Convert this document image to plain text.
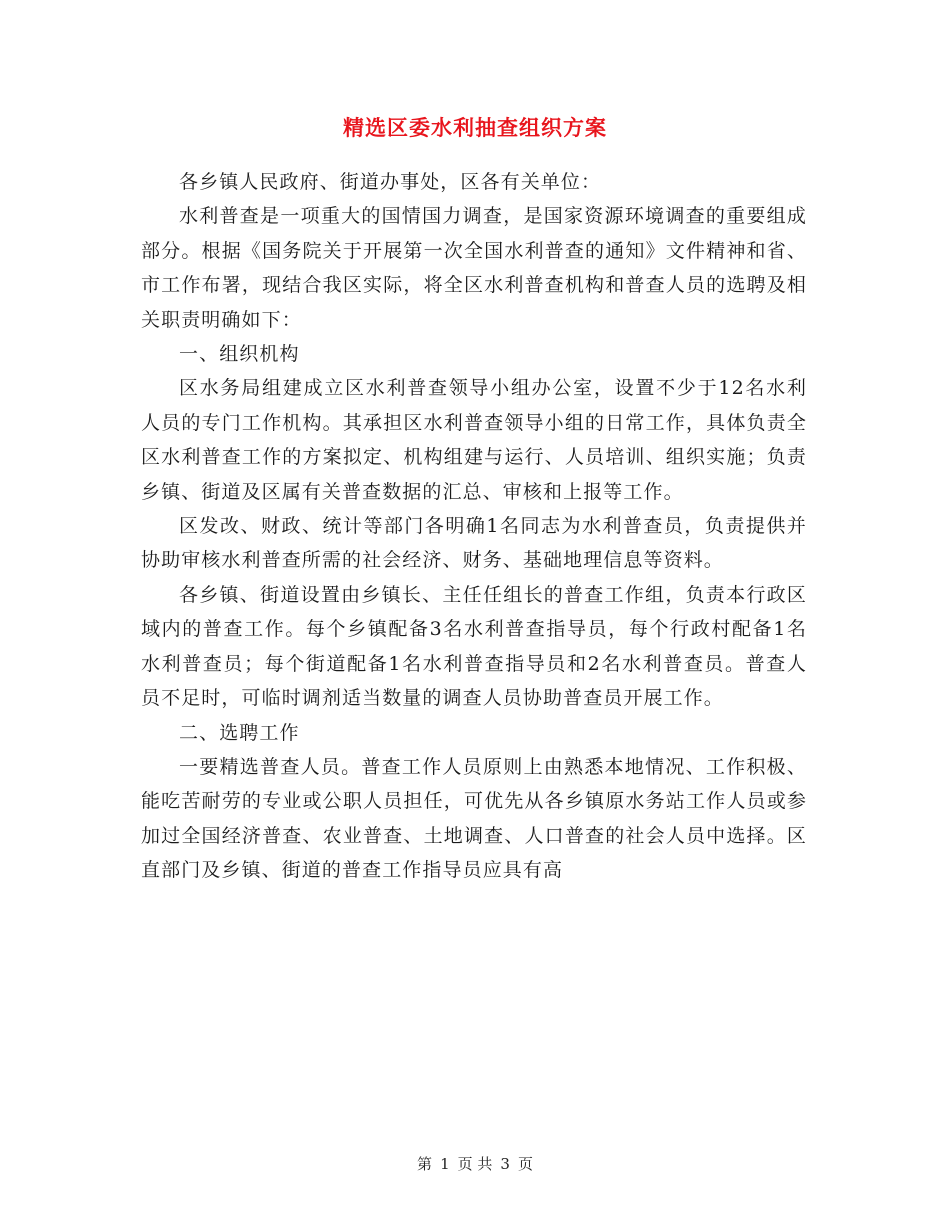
精选区委水利抽查组织方案

各乡镇人民政府、街道办事处，区各有关单位：

水利普查是一项重大的国情国力调查，是国家资源环境调查的重要组成部分。根据《国务院关于开展第一次全国水利普查的通知》文件精神和省、市工作布署，现结合我区实际，将全区水利普查机构和普查人员的选聘及相关职责明确如下：

一、组织机构

区水务局组建成立区水利普查领导小组办公室，设置不少于12名水利人员的专门工作机构。其承担区水利普查领导小组的日常工作，具体负责全区水利普查工作的方案拟定、机构组建与运行、人员培训、组织实施；负责乡镇、街道及区属有关普查数据的汇总、审核和上报等工作。

区发改、财政、统计等部门各明确1名同志为水利普查员，负责提供并协助审核水利普查所需的社会经济、财务、基础地理信息等资料。

各乡镇、街道设置由乡镇长、主任任组长的普查工作组，负责本行政区域内的普查工作。每个乡镇配备3名水利普查指导员，每个行政村配备1名水利普查员；每个街道配备1名水利普查指导员和2名水利普查员。普查人员不足时，可临时调剂适当数量的调查人员协助普查员开展工作。

二、选聘工作

一要精选普查人员。普查工作人员原则上由熟悉本地情况、工作积极、能吃苦耐劳的专业或公职人员担任，可优先从各乡镇原水务站工作人员或参加过全国经济普查、农业普查、土地调查、人口普查的社会人员中选择。区直部门及乡镇、街道的普查工作指导员应具有高

第 1 页 共 3 页
